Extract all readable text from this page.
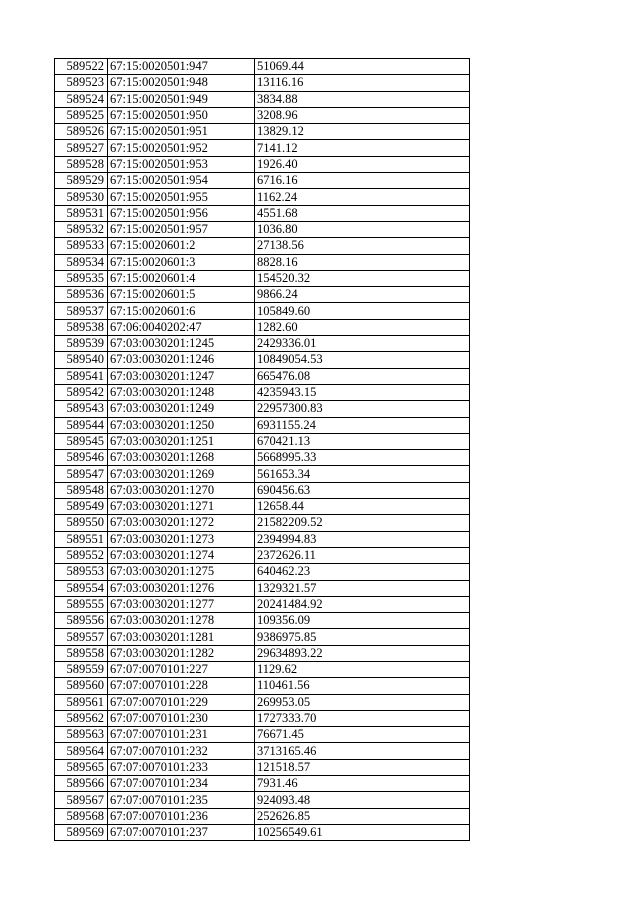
589522	67:15:0020501:947	51069.44
589523	67:15:0020501:948	13116.16
589524	67:15:0020501:949	3834.88
589525	67:15:0020501:950	3208.96
589526	67:15:0020501:951	13829.12
589527	67:15:0020501:952	7141.12
589528	67:15:0020501:953	1926.40
589529	67:15:0020501:954	6716.16
589530	67:15:0020501:955	1162.24
589531	67:15:0020501:956	4551.68
589532	67:15:0020501:957	1036.80
589533	67:15:0020601:2	27138.56
589534	67:15:0020601:3	8828.16
589535	67:15:0020601:4	154520.32
589536	67:15:0020601:5	9866.24
589537	67:15:0020601:6	105849.60
589538	67:06:0040202:47	1282.60
589539	67:03:0030201:1245	2429336.01
589540	67:03:0030201:1246	10849054.53
589541	67:03:0030201:1247	665476.08
589542	67:03:0030201:1248	4235943.15
589543	67:03:0030201:1249	22957300.83
589544	67:03:0030201:1250	6931155.24
589545	67:03:0030201:1251	670421.13
589546	67:03:0030201:1268	5668995.33
589547	67:03:0030201:1269	561653.34
589548	67:03:0030201:1270	690456.63
589549	67:03:0030201:1271	12658.44
589550	67:03:0030201:1272	21582209.52
589551	67:03:0030201:1273	2394994.83
589552	67:03:0030201:1274	2372626.11
589553	67:03:0030201:1275	640462.23
589554	67:03:0030201:1276	1329321.57
589555	67:03:0030201:1277	20241484.92
589556	67:03:0030201:1278	109356.09
589557	67:03:0030201:1281	9386975.85
589558	67:03:0030201:1282	29634893.22
589559	67:07:0070101:227	1129.62
589560	67:07:0070101:228	110461.56
589561	67:07:0070101:229	269953.05
589562	67:07:0070101:230	1727333.70
589563	67:07:0070101:231	76671.45
589564	67:07:0070101:232	3713165.46
589565	67:07:0070101:233	121518.57
589566	67:07:0070101:234	7931.46
589567	67:07:0070101:235	924093.48
589568	67:07:0070101:236	252626.85
589569	67:07:0070101:237	10256549.61
